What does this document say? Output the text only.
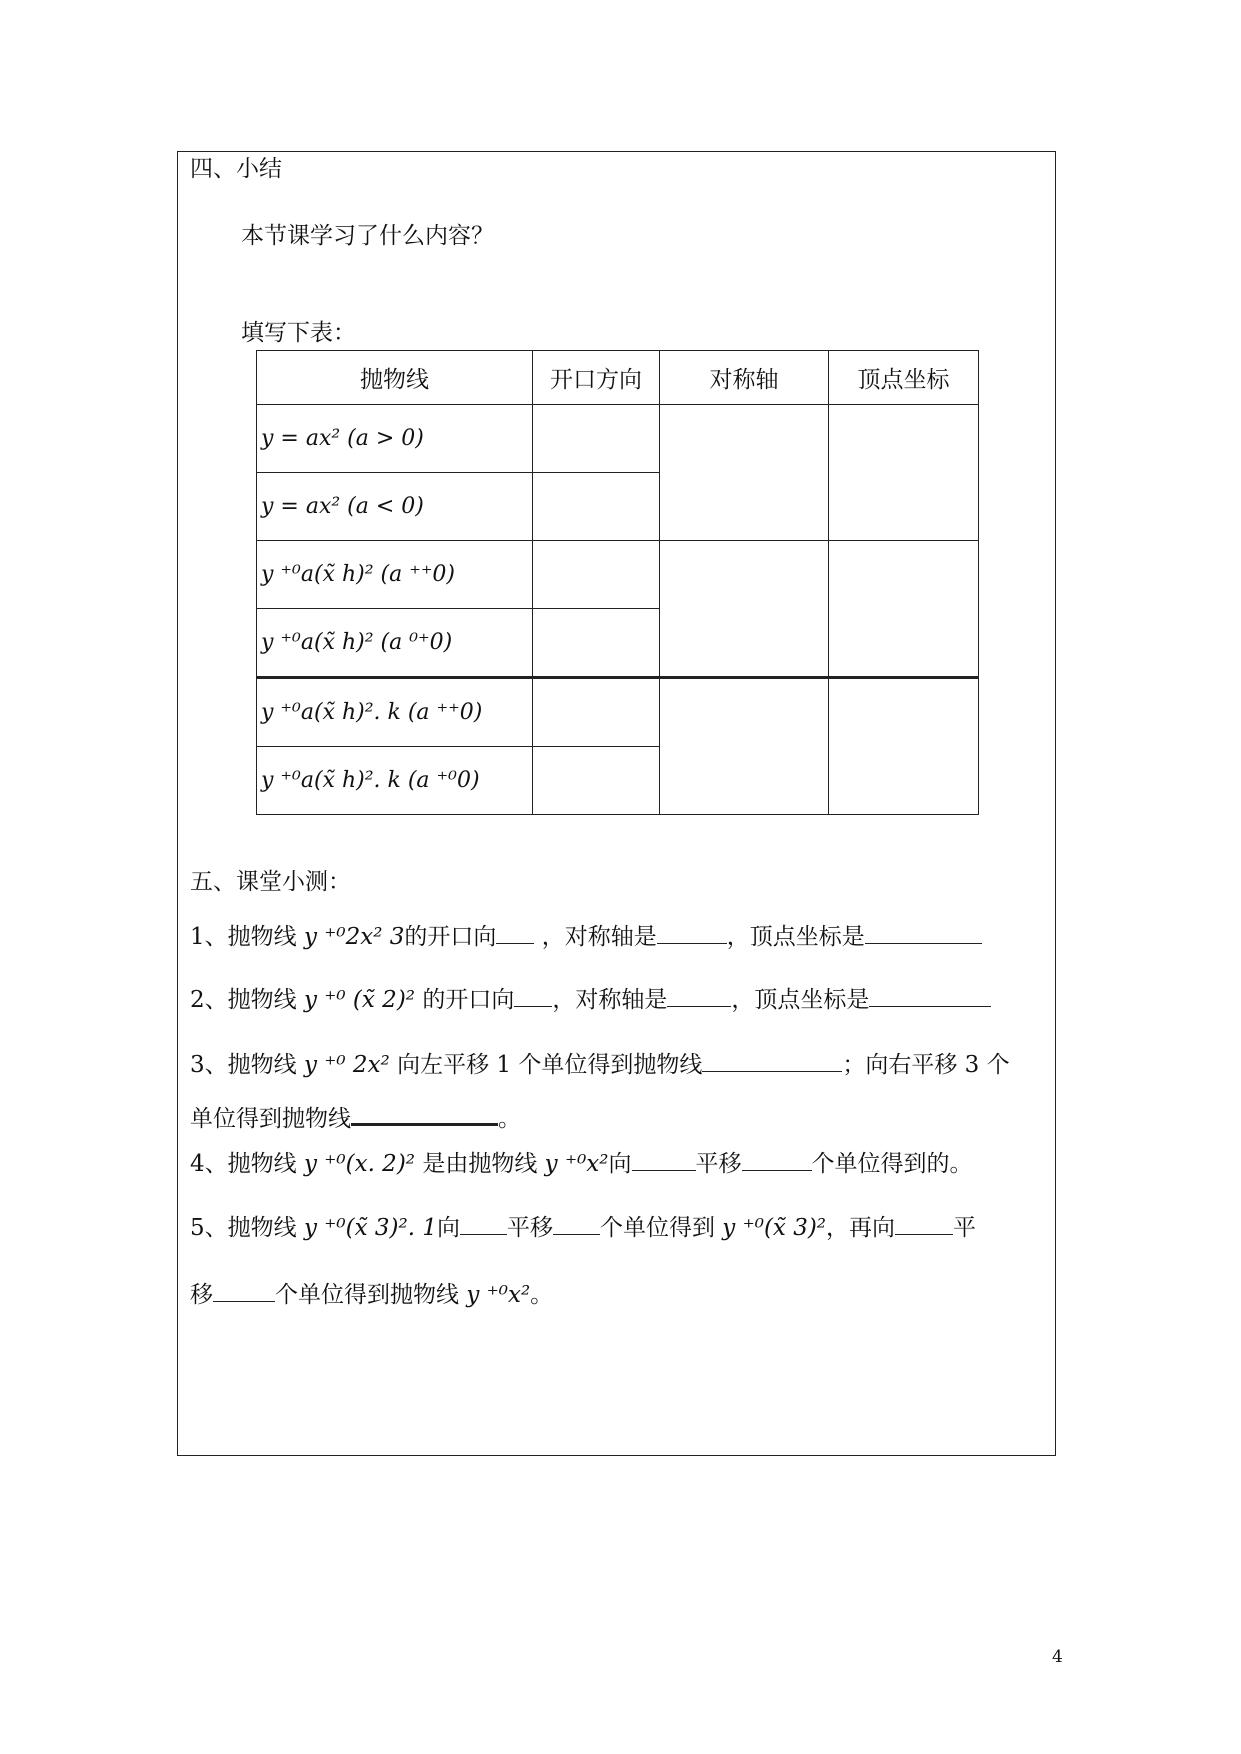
四、小结
本节课学习了什么内容？
填写下表：
抛物线	开口方向	对称轴	顶点坐标
y = ax² (a > 0)			
y = ax² (a < 0)			
y ⁺⁰a(x̃ h)² (a ⁺⁺0)			
y ⁺⁰a(x̃ h)² (a ⁰⁺0)			
y ⁺⁰a(x̃ h)². k (a ⁺⁺0)			
y ⁺⁰a(x̃ h)². k (a ⁺⁰0)			
五、课堂小测：
1、抛物线 y ⁺⁰2x² 3的开口向 ，对称轴是	，顶点坐标是
2、抛物线 y ⁺⁰ (x̃ 2)² 的开口向 ，对称轴是	，顶点坐标是
3、抛物线 y ⁺⁰ 2x² 向左平移 1 个单位得到抛物线	；向右平移 3 个
单位得到抛物线	。
4、抛物线 y ⁺⁰(x. 2)² 是由抛物线 y ⁺⁰x²向	平移	个单位得到的。
5、抛物线 y ⁺⁰(x̃ 3)². 1向 平移 个单位得到 y ⁺⁰(x̃ 3)²，再向	平
移	个单位得到抛物线 y ⁺⁰x²。
4
